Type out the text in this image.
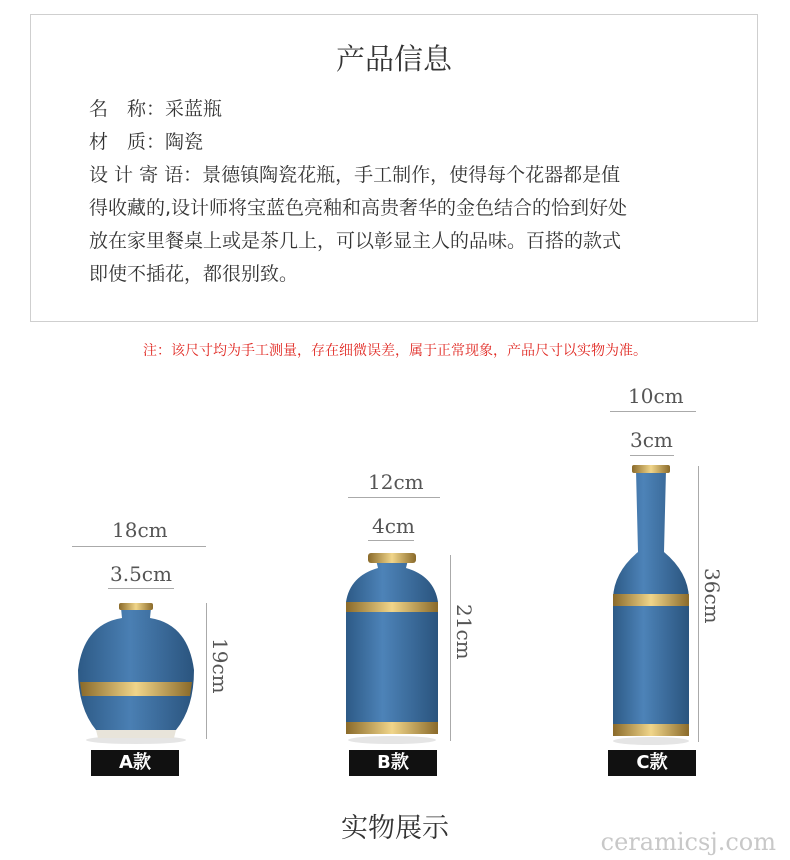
产品信息
名　称：采蓝瓶
材　质：陶瓷
设 计 寄 语：景德镇陶瓷花瓶，手工制作，使得每个花器都是值
得收藏的,设计师将宝蓝色亮釉和高贵奢华的金色结合的恰到好处
放在家里餐桌上或是茶几上，可以彰显主人的品味。百搭的款式
即使不插花，都很别致。
注：该尺寸均为手工测量，存在细微误差，属于正常现象，产品尺寸以实物为准。
18cm
3.5cm
19cm
A款
12cm
4cm
21cm
B款
10cm
3cm
36cm
C款
实物展示	ceramicsj.com
